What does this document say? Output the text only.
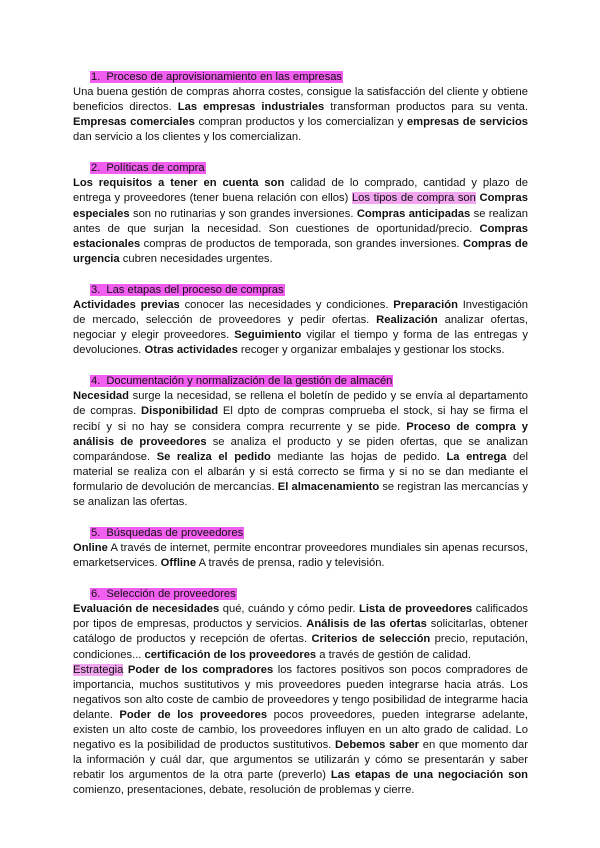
1. Proceso de aprovisionamiento en las empresas

Una buena gestión de compras ahorra costes, consigue la satisfacción del cliente y obtiene beneficios directos. Las empresas industriales transforman productos para su venta. Empresas comerciales compran productos y los comercializan y empresas de servicios dan servicio a los clientes y los comercializan.

2. Políticas de compra

Los requisitos a tener en cuenta son calidad de lo comprado, cantidad y plazo de entrega y proveedores (tener buena relación con ellos) Los tipos de compra son Compras especiales son no rutinarias y son grandes inversiones. Compras anticipadas se realizan antes de que surjan la necesidad. Son cuestiones de oportunidad/precio. Compras estacionales compras de productos de temporada, son grandes inversiones. Compras de urgencia cubren necesidades urgentes.

3. Las etapas del proceso de compras

Actividades previas conocer las necesidades y condiciones. Preparación Investigación de mercado, selección de proveedores y pedir ofertas. Realización analizar ofertas, negociar y elegir proveedores. Seguimiento vigilar el tiempo y forma de las entregas y devoluciones. Otras actividades recoger y organizar embalajes y gestionar los stocks.

4. Documentación y normalización de la gestión de almacén

Necesidad surge la necesidad, se rellena el boletín de pedido y se envía al departamento de compras. Disponibilidad El dpto de compras comprueba el stock, si hay se firma el recibí y si no hay se considera compra recurrente y se pide. Proceso de compra y análisis de proveedores se analiza el producto y se piden ofertas, que se analizan comparándose. Se realiza el pedido mediante las hojas de pedido. La entrega del material se realiza con el albarán y si está correcto se firma y si no se dan mediante el formulario de devolución de mercancías. El almacenamiento se registran las mercancías y se analizan las ofertas.

5. Búsquedas de proveedores

Online A través de internet, permite encontrar proveedores mundiales sin apenas recursos, emarketservices. Offline A través de prensa, radio y televisión.

6. Selección de proveedores

Evaluación de necesidades qué, cuándo y cómo pedir. Lista de proveedores calificados por tipos de empresas, productos y servicios. Análisis de las ofertas solicitarlas, obtener catálogo de productos y recepción de ofertas. Criterios de selección precio, reputación, condiciones... certificación de los proveedores a través de gestión de calidad.

Estrategia Poder de los compradores los factores positivos son pocos compradores de importancia, muchos sustitutivos y mis proveedores pueden integrarse hacia atrás. Los negativos son alto coste de cambio de proveedores y tengo posibilidad de integrarme hacia delante. Poder de los proveedores pocos proveedores, pueden integrarse adelante, existen un alto coste de cambio, los proveedores influyen en un alto grado de calidad. Lo negativo es la posibilidad de productos sustitutivos. Debemos saber en que momento dar la información y cuál dar, que argumentos se utilizarán y cómo se presentarán y saber rebatir los argumentos de la otra parte (preverlo) Las etapas de una negociación son comienzo, presentaciones, debate, resolución de problemas y cierre.
